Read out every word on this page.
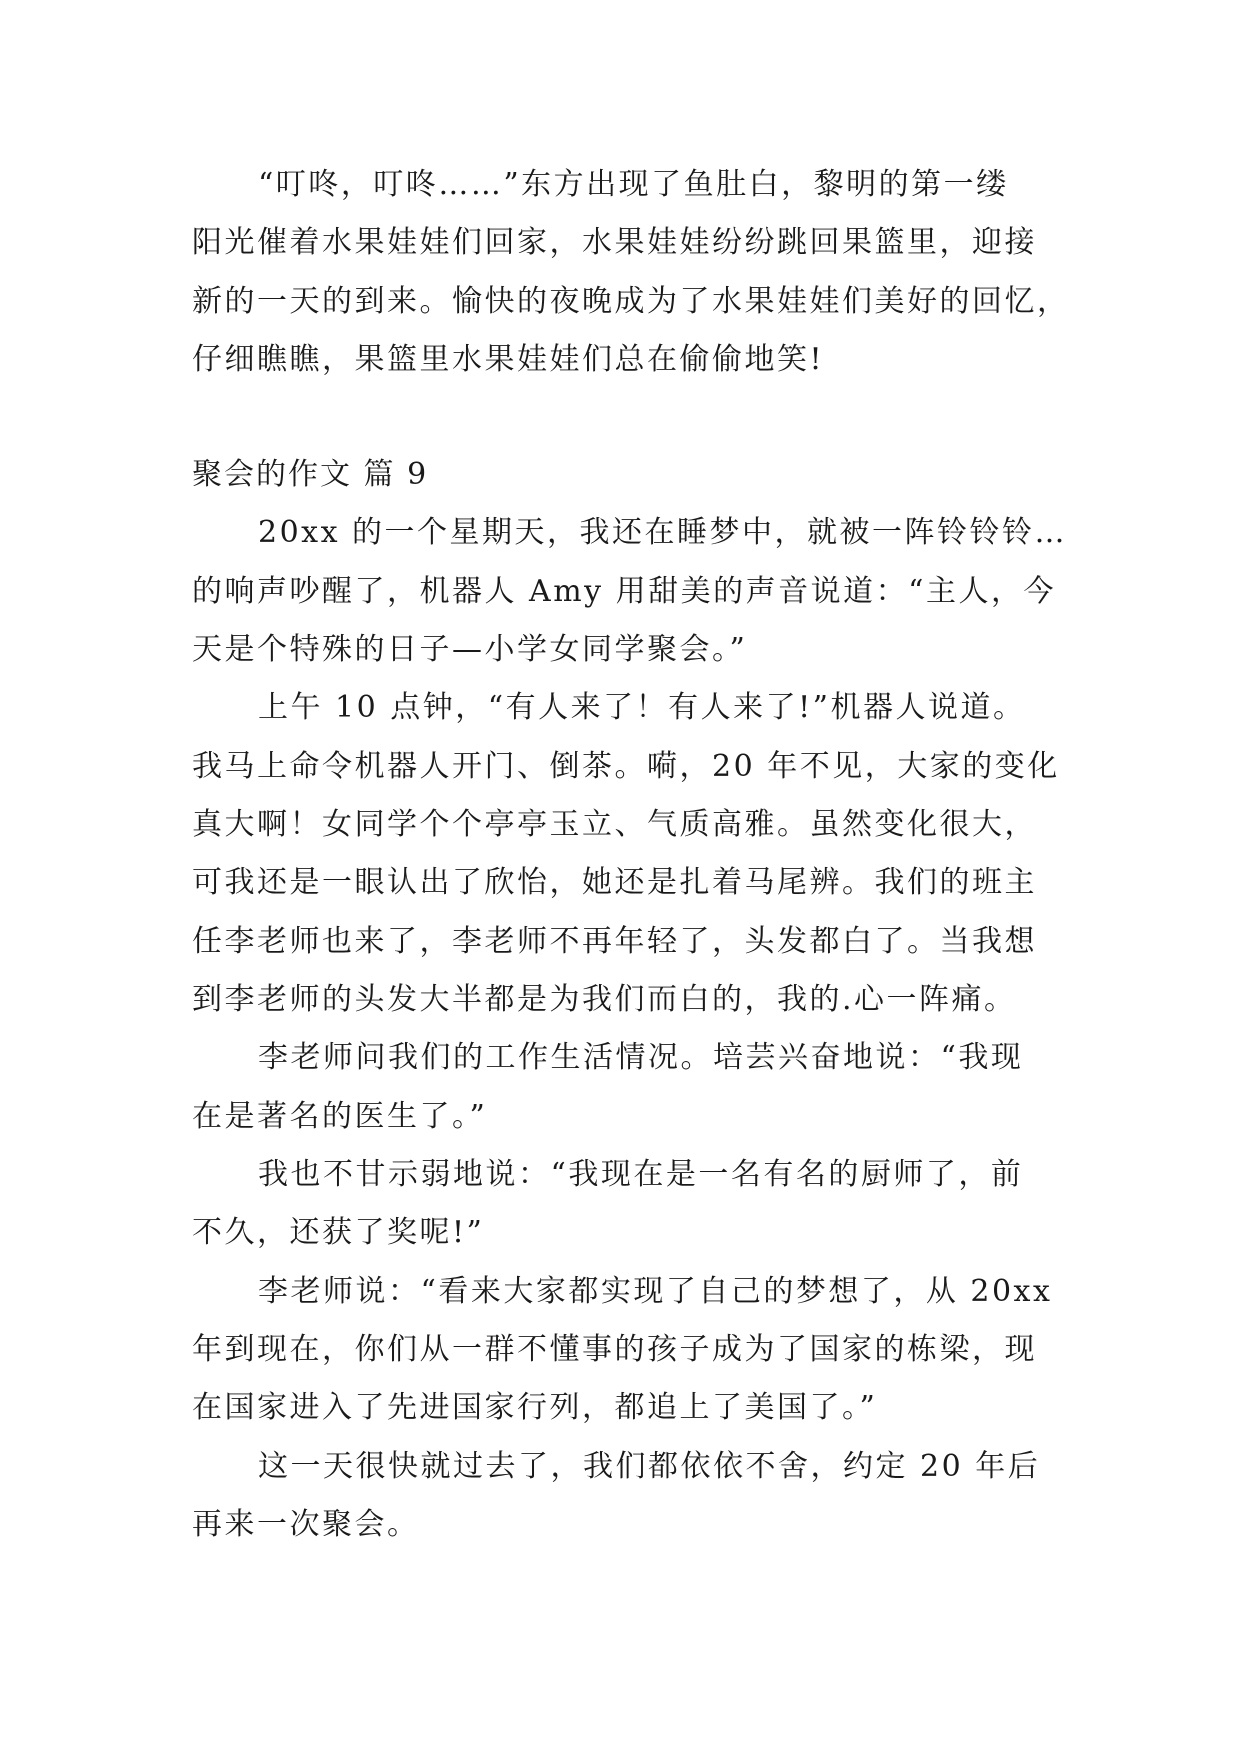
“叮咚，叮咚……”东方出现了鱼肚白，黎明的第一缕
阳光催着水果娃娃们回家，水果娃娃纷纷跳回果篮里，迎接
新的一天的到来。愉快的夜晚成为了水果娃娃们美好的回忆，
仔细瞧瞧，果篮里水果娃娃们总在偷偷地笑!
聚会的作文 篇 9
20xx 的一个星期天，我还在睡梦中，就被一阵铃铃铃…
的响声吵醒了，机器人 Amy 用甜美的声音说道：“主人，今
天是个特殊的日子—小学女同学聚会。”
上午 10 点钟，“有人来了！有人来了!”机器人说道。
我马上命令机器人开门、倒茶。嗬，20 年不见，大家的变化
真大啊！女同学个个亭亭玉立、气质高雅。虽然变化很大，
可我还是一眼认出了欣怡，她还是扎着马尾辨。我们的班主
任李老师也来了，李老师不再年轻了，头发都白了。当我想
到李老师的头发大半都是为我们而白的，我的.心一阵痛。
李老师问我们的工作生活情况。培芸兴奋地说：“我现
在是著名的医生了。”
我也不甘示弱地说：“我现在是一名有名的厨师了，前
不久，还获了奖呢!”
李老师说：“看来大家都实现了自己的梦想了，从 20xx
年到现在，你们从一群不懂事的孩子成为了国家的栋梁，现
在国家进入了先进国家行列，都追上了美国了。”
这一天很快就过去了，我们都依依不舍，约定 20 年后
再来一次聚会。
